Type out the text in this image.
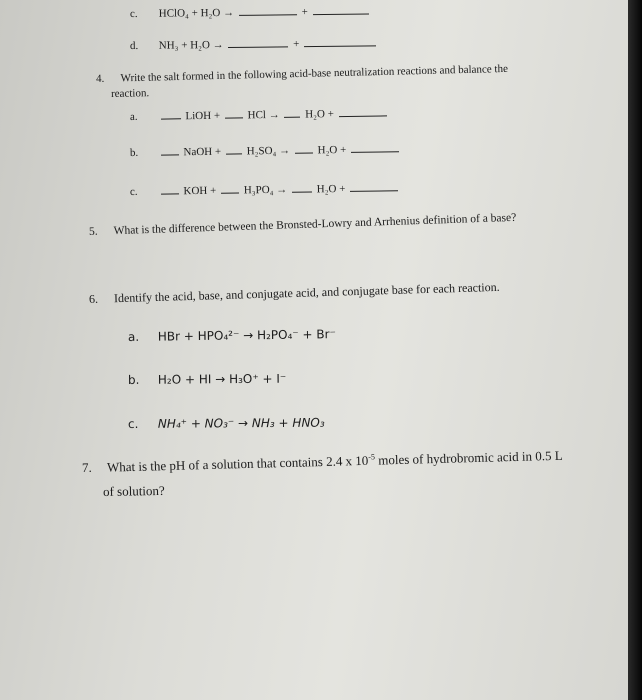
c. HClO₄ + H₂O →	+
d. NH₃ + H₂O →	+
4. Write the salt formed in the following acid-base neutralization reactions and balance the
reaction.
a.	LiOH + HCl → H₂O +
b.	NaOH + H₂SO₄ → H₂O +
c.	KOH + H₃PO₄ →	H₂O +
5. What is the difference between the Bronsted-Lowry and Arrhenius definition of a base?
6. Identify the acid, base, and conjugate acid, and conjugate base for each reaction.
a. HBr + HPO₄²⁻ → H₂PO₄⁻ + Br⁻
b. H₂O + HI → H₃O⁺ + I⁻
c. NH₄⁺ + NO₃⁻ → NH₃ + HNO₃
7. What is the pH of a solution that contains 2.4 x $10^{-5}$ moles of hydrobromic acid in 0.5 L
of solution?
